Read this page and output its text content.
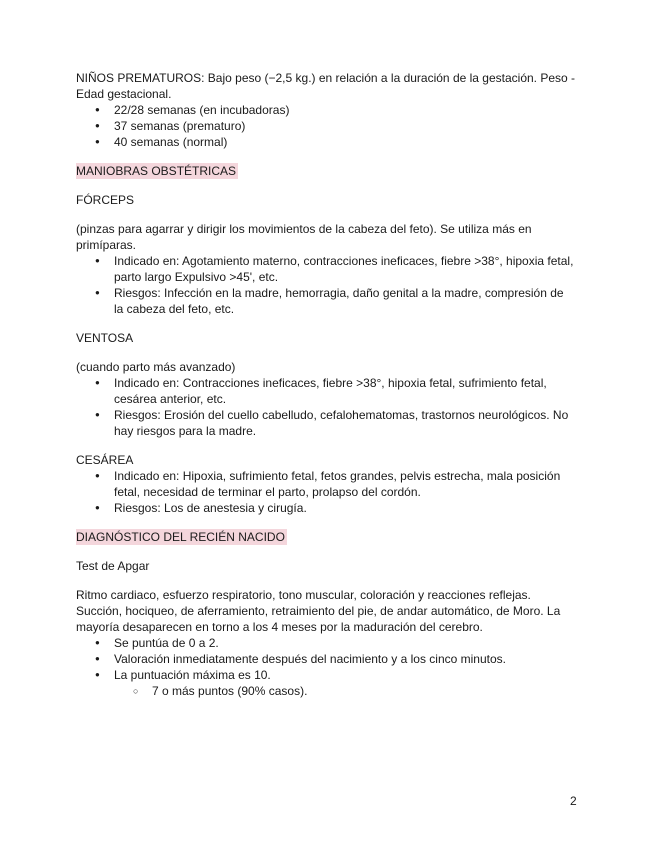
NIÑOS PREMATUROS: Bajo peso (−2,5 kg.) en relación a la duración de la gestación. Peso - Edad gestacional.

● 22/28 semanas (en incubadoras)
● 37 semanas (prematuro)
● 40 semanas (normal)

MANIOBRAS OBSTÉTRICAS

FÓRCEPS

(pinzas para agarrar y dirigir los movimientos de la cabeza del feto). Se utiliza más en primíparas.

● Indicado en: Agotamiento materno, contracciones ineficaces, fiebre >38°, hipoxia fetal, parto largo Expulsivo >45', etc.
● Riesgos: Infección en la madre, hemorragia, daño genital a la madre, compresión de la cabeza del feto, etc.

VENTOSA

(cuando parto más avanzado)

● Indicado en: Contracciones ineficaces, fiebre >38°, hipoxia fetal, sufrimiento fetal, cesárea anterior, etc.
● Riesgos: Erosión del cuello cabelludo, cefalohematomas, trastornos neurológicos. No hay riesgos para la madre.

CESÁREA

● Indicado en: Hipoxia, sufrimiento fetal, fetos grandes, pelvis estrecha, mala posición fetal, necesidad de terminar el parto, prolapso del cordón.
● Riesgos: Los de anestesia y cirugía.

DIAGNÓSTICO DEL RECIÉN NACIDO

Test de Apgar

Ritmo cardiaco, esfuerzo respiratorio, tono muscular, coloración y reacciones reflejas. Succión, hociqueo, de aferramiento, retraimiento del pie, de andar automático, de Moro. La mayoría desaparecen en torno a los 4 meses por la maduración del cerebro.

● Se puntúa de 0 a 2.
● Valoración inmediatamente después del nacimiento y a los cinco minutos.
● La puntuación máxima es 10.
○ 7 o más puntos (90% casos).
2
